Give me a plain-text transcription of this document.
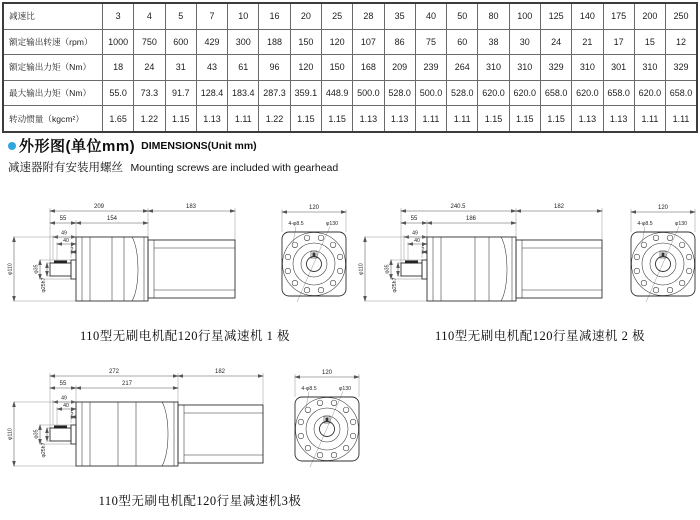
减速比	3	4	5	7	10	16	20	25	28	35	40	50	80	100	125	140	175	200	250
额定输出转速（rpm）	1000	750	600	429	300	188	150	120	107	86	75	60	38	30	24	21	17	15	12
额定输出力矩（Nm）	18	24	31	43	61	96	120	150	168	209	239	264	310	310	329	310	301	310	329
最大输出力矩（Nm）	55.0	73.3	91.7	128.4	183.4	287.3	359.1	448.9	500.0	528.0	500.0	528.0	620.0	620.0	658.0	620.0	658.0	620.0	658.0
转动惯量（kgcm²）	1.65	1.22	1.15	1.13	1.11	1.22	1.15	1.15	1.13	1.13	1.11	1.11	1.15	1.15	1.15	1.13	1.13	1.11	1.11
外形图(单位mm) DIMENSIONS(Unit mm)
减速器附有安装用螺丝 Mounting screws are included with gearhead
209	183
55	154
49
40
5
φ110	φ35
φ25h7
120
4-φ8.5	φ130
240.5	182
55	186
49
40
5
φ110	φ35
φ25h7
120
4-φ8.5	φ130
272	182
55	217
49
40
5
φ110	φ35
φ25h7
120
4-φ8.5	φ130
110型无刷电机配120行星减速机 1 极	110型无刷电机配120行星减速机 2 极
110型无刷电机配120行星减速机3极
